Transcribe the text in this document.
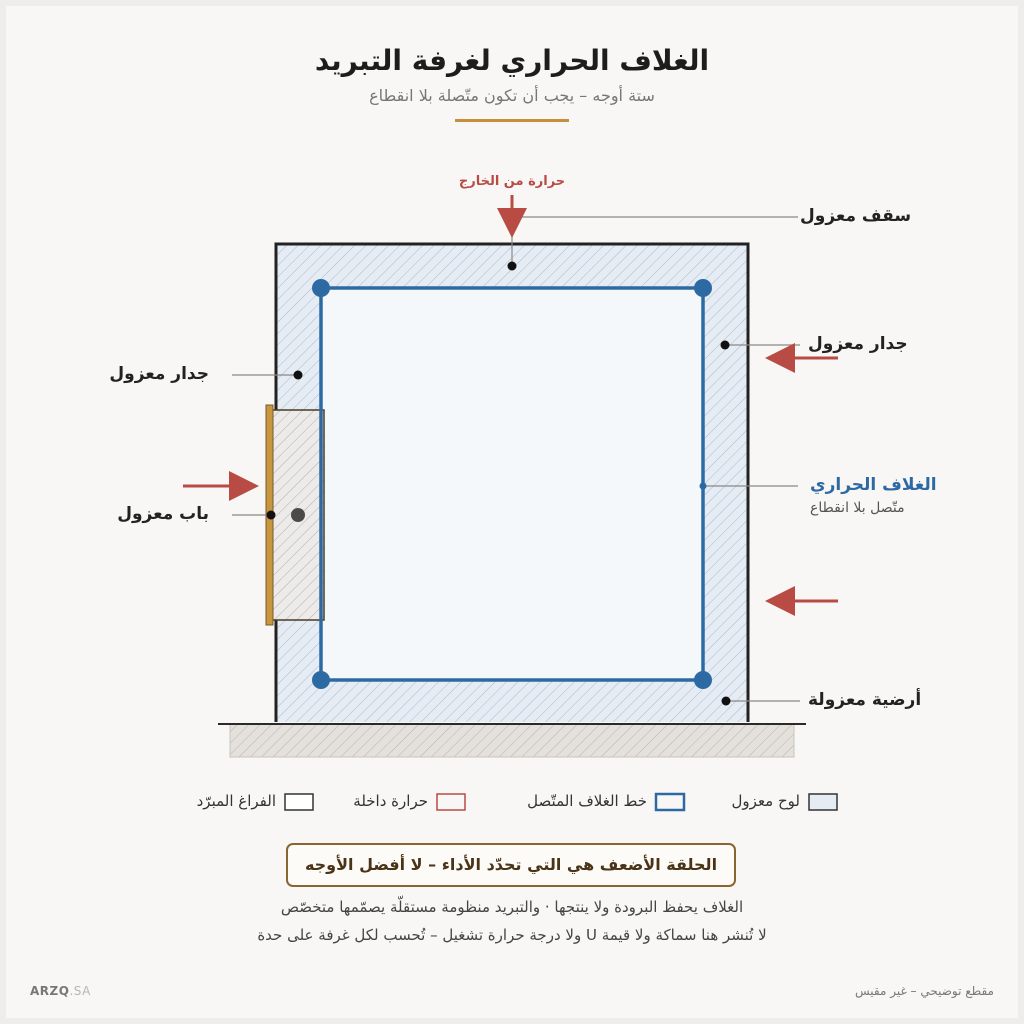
الغلاف الحراري لغرفة التبريد
ستة أوجه – يجب أن تكون متّصلة بلا انقطاع
حرارة من الخارج
سقف معزول
جدار معزول
جدار معزول
باب معزول
الغلاف الحراري
متّصل بلا انقطاع
أرضية معزولة
لوح معزول
خط الغلاف المتّصل
حرارة داخلة
الفراغ المبرّد
الحلقة الأضعف هي التي تحدّد الأداء – لا أفضل الأوجه
الغلاف يحفظ البرودة ولا ينتجها · والتبريد منظومة مستقلّة يصمّمها متخصّص
لا تُنشر هنا سماكة ولا قيمة U ولا درجة حرارة تشغيل – تُحسب لكل غرفة على حدة
ARZQ.SA	مقطع توضيحي – غير مقيس
